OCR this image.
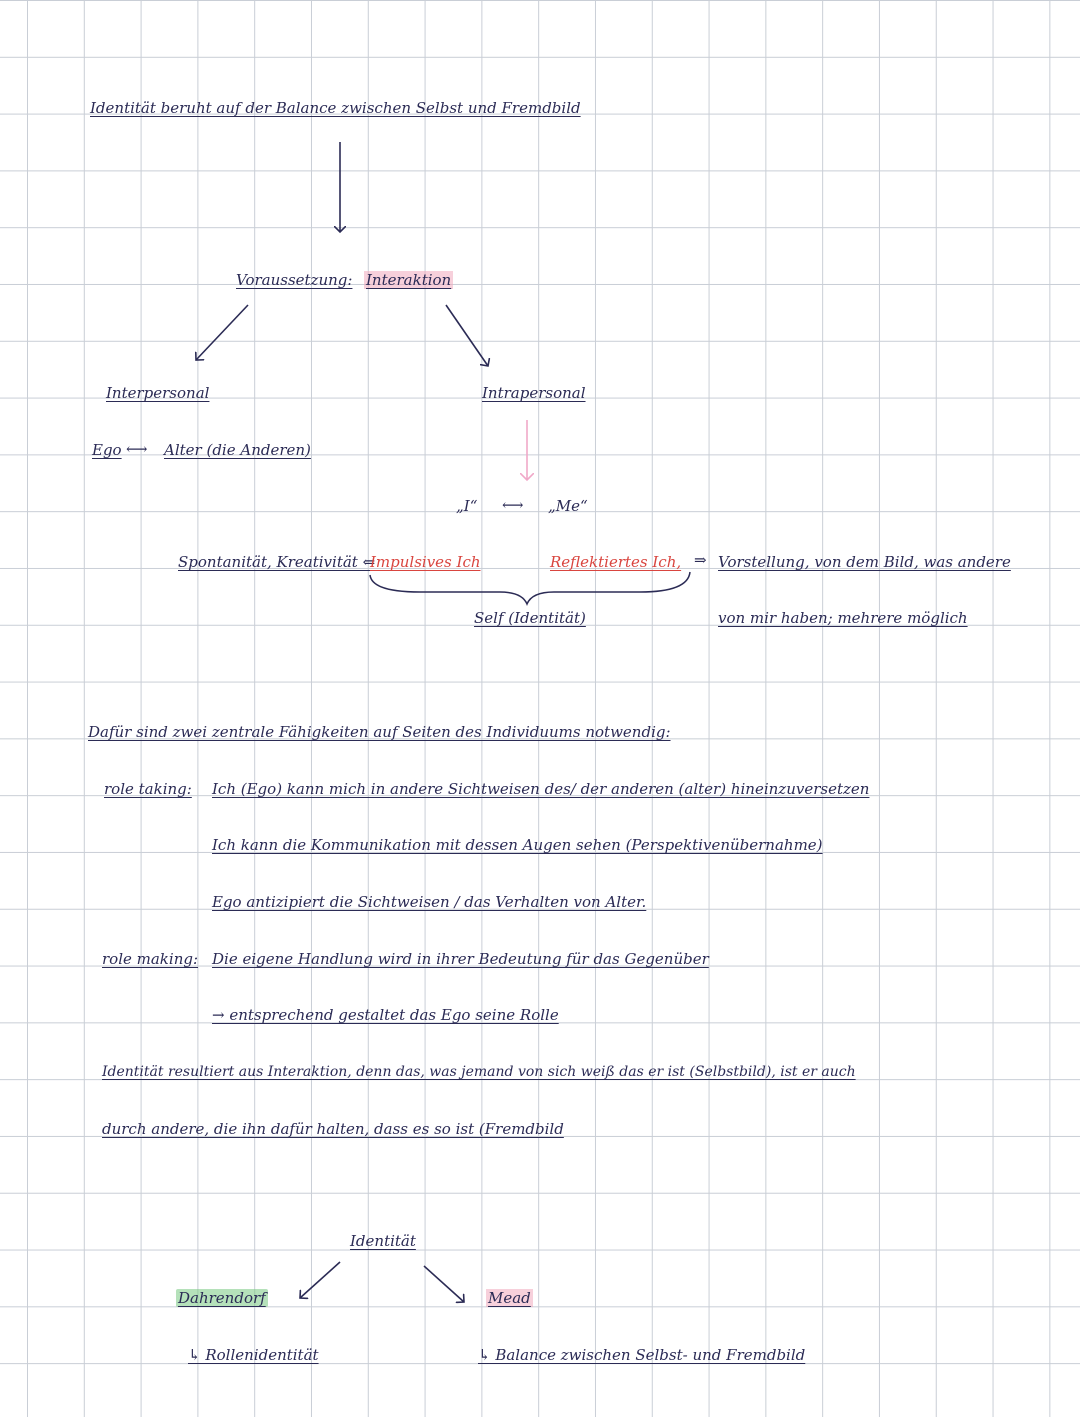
Identität beruht auf der Balance zwischen Selbst und Fremdbild
Voraussetzung: Interaktion
Interpersonal	Intrapersonal
Ego ⟷ Alter (die Anderen)
„I“ ⟷ „Me“
Spontanität, Kreativität ⇐
Impulsives Ich	Reflektiertes Ich, ⇒ Vorstellung, von dem Bild, was andere
von mir haben; mehrere möglich
Self (Identität)
Dafür sind zwei zentrale Fähigkeiten auf Seiten des Individuums notwendig:
role taking: Ich (Ego) kann mich in andere Sichtweisen des/ der anderen (alter) hineinzuversetzen
Ich kann die Kommunikation mit dessen Augen sehen (Perspektivenübernahme)
Ego antizipiert die Sichtweisen / das Verhalten von Alter.
role making: Die eigene Handlung wird in ihrer Bedeutung für das Gegenüber
→ entsprechend gestaltet das Ego seine Rolle
Identität resultiert aus Interaktion, denn das, was jemand von sich weiß das er ist (Selbstbild), ist er auch
durch andere, die ihn dafür halten, dass es so ist (Fremdbild
Identität
Dahrendorf	Mead
↳ Rollenidentität	↳ Balance zwischen Selbst- und Fremdbild
